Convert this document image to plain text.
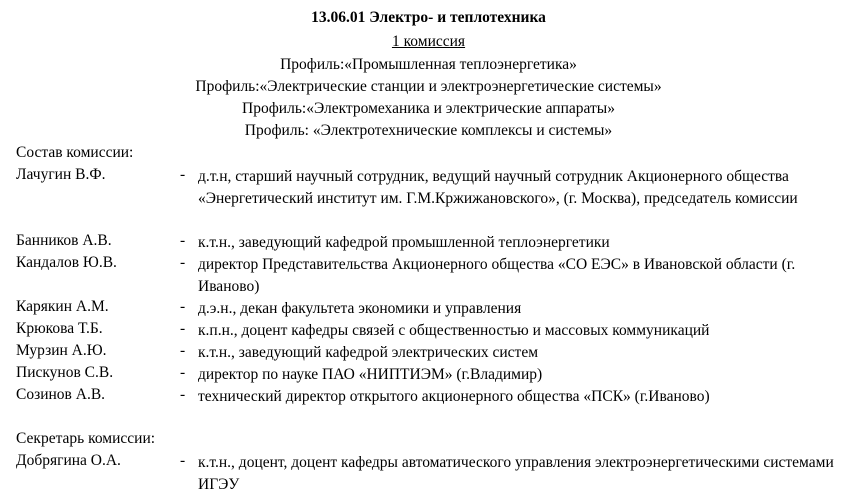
13.06.01 Электро- и теплотехника
1 комиссия
Профиль:«Промышленная теплоэнергетика»
Профиль:«Электрические станции и электроэнергетические системы»
Профиль:«Электромеханика и электрические аппараты»
Профиль: «Электротехнические комплексы и системы»
Состав комиссии:
Лачугин В.Ф.	- д.т.н, старший научный сотрудник, ведущий научный сотрудник Акционерного общества «Энергетический институт им. Г.М.Кржижановского», (г. Москва), председатель комиссии
Банников А.В.	- к.т.н., заведующий кафедрой промышленной теплоэнергетики
Кандалов Ю.В.	- директор Представительства Акционерного общества «СО ЕЭС» в Ивановской области (г. Иваново)
Карякин А.М.	- д.э.н., декан факультета экономики и управления
Крюкова Т.Б.	- к.п.н., доцент кафедры связей с общественностью и массовых коммуникаций
Мурзин А.Ю.	- к.т.н., заведующий кафедрой электрических систем
Пискунов С.В.	- директор по науке ПАО «НИПТИЭМ» (г.Владимир)
Созинов А.В.	- технический директор открытого акционерного общества «ПСК» (г.Иваново)
Секретарь комиссии:
Добрягина О.А.	- к.т.н., доцент, доцент кафедры автоматического управления электроэнергетическими системами ИГЭУ
